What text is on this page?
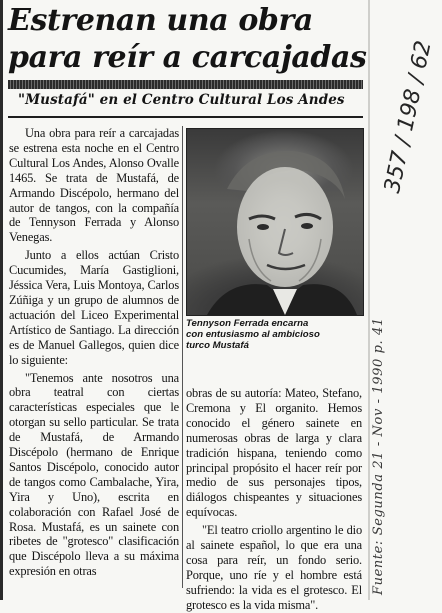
Estrenan una obra
para reír a carcajadas
"Mustafá" en el Centro Cultural Los Andes

Una obra para reír a carcajadas se estrena esta noche en el Centro Cultural Los Andes, Alonso Ovalle 1465. Se trata de Mustafá, de Armando Discépolo, hermano del autor de tangos, con la compañía de Tennyson Ferrada y Alonso Venegas.

Junto a ellos actúan Cristo Cucumides, María Gastiglioni, Jéssica Vera, Luis Montoya, Carlos Zúñiga y un grupo de alumnos de actuación del Liceo Experimental Artístico de Santiago. La dirección es de Manuel Gallegos, quien dice lo siguiente:

"Tenemos ante nosotros una obra teatral con ciertas características especiales que le otorgan su sello particular. Se trata de Mustafá, de Armando Discépolo (hermano de Enrique Santos Discépolo, conocido autor de tangos como Cambalache, Yira, Yira y Uno), escrita en colaboración con Rafael José de Rosa. Mustafá, es un sainete con ribetes de "grotesco" clasificación que Discépolo lleva a su máxima expresión en otras

Tennyson Ferrada encarna
con entusiasmo al ambicioso
turco Mustafá

obras de su autoría: Mateo, Stefano, Cremona y El organito. Hemos conocido el género sainete en numerosas obras de larga y clara tradición hispana, teniendo como principal propósito el hacer reír por medio de sus personajes tipos, diálogos chispeantes y situaciones equívocas.

"El teatro criollo argentino le dio al sainete español, lo que era una cosa para reír, un fondo serio. Porque, uno ríe y el hombre está sufriendo: la vida es el grotesco. El grotesco es la vida misma".

Fuente: Segunda 21 - Nov - 1990 p. 41
357 / 198 / 62
